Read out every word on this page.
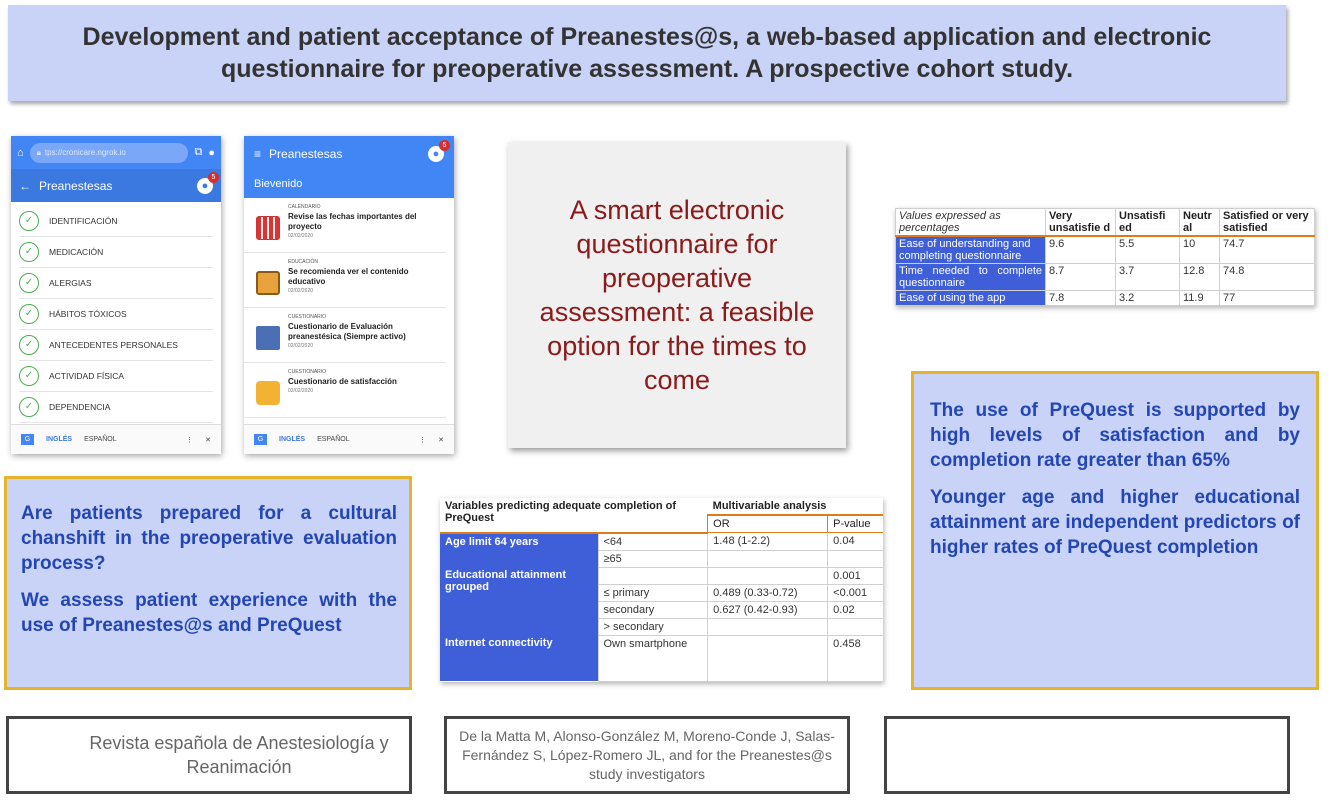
Development and patient acceptance of Preanestes@s, a web-based application and electronic questionnaire for preoperative assessment. A prospective cohort study.
⌂ 🔒︎ tps://cronicare.ngrok.io	⧉ ●
← Preanestesas	●
5
✓	IDENTIFICACIÓN
✓	MEDICACIÓN
✓	ALERGIAS
✓	HÁBITOS TÓXICOS
✓	ANTECEDENTES PERSONALES
✓	ACTIVIDAD FÍSICA
✓	DEPENDENCIA
G	INGLÉS ESPAÑOL	⋮ ✕
≡ Preanestesas	●
5
Bievenido
CALENDARIO
Revise las fechas importantes del proyecto
02/02/2020
EDUCACIÓN
Se recomienda ver el contenido educativo
02/02/2020
CUESTIONARIO
Cuestionario de Evaluación preanestésica (Siempre activo)
02/02/2020
CUESTIONARIO
Cuestionario de satisfacción
02/02/2020
G	INGLÉS ESPAÑOL	⋮ ✕

A smart electronic questionnaire for preoperative assessment: a feasible option for the times to come

Values expressed as percentages	Very unsatisfie d	Unsatisfi ed	Neutr al	Satisfied or very satisfied
Ease of understanding and completing questionnaire	9.6	5.5	10	74.7
Time needed to complete questionnaire	8.7	3.7	12.8	74.8
Ease of using the app	7.8	3.2	11.9	77

The use of PreQuest is supported by high levels of satisfaction and by completion rate greater than 65%

Younger age and higher educational attainment are independent predictors of higher rates of PreQuest completion

Are patients prepared for a cultural chanshift in the preoperative evaluation process?

We assess patient experience with the use of Preanestes@s and PreQuest

Variables predicting adequate completion of PreQuest		Multivariable analysis	
		OR	P-value
Age limit 64 years	<64	1.48 (1-2.2)	0.04
	≥65		
Educational attainment grouped			0.001
	≤ primary	0.489 (0.33-0.72)	<0.001
	secondary	0.627 (0.42-0.93)	0.02
	> secondary		
Internet connectivity	Own smartphone		0.458
Revista española de Anestesiología y Reanimación
De la Matta M, Alonso-González M, Moreno-Conde J, Salas-Fernández S, López-Romero JL, and for the Preanestes@s study investigators
